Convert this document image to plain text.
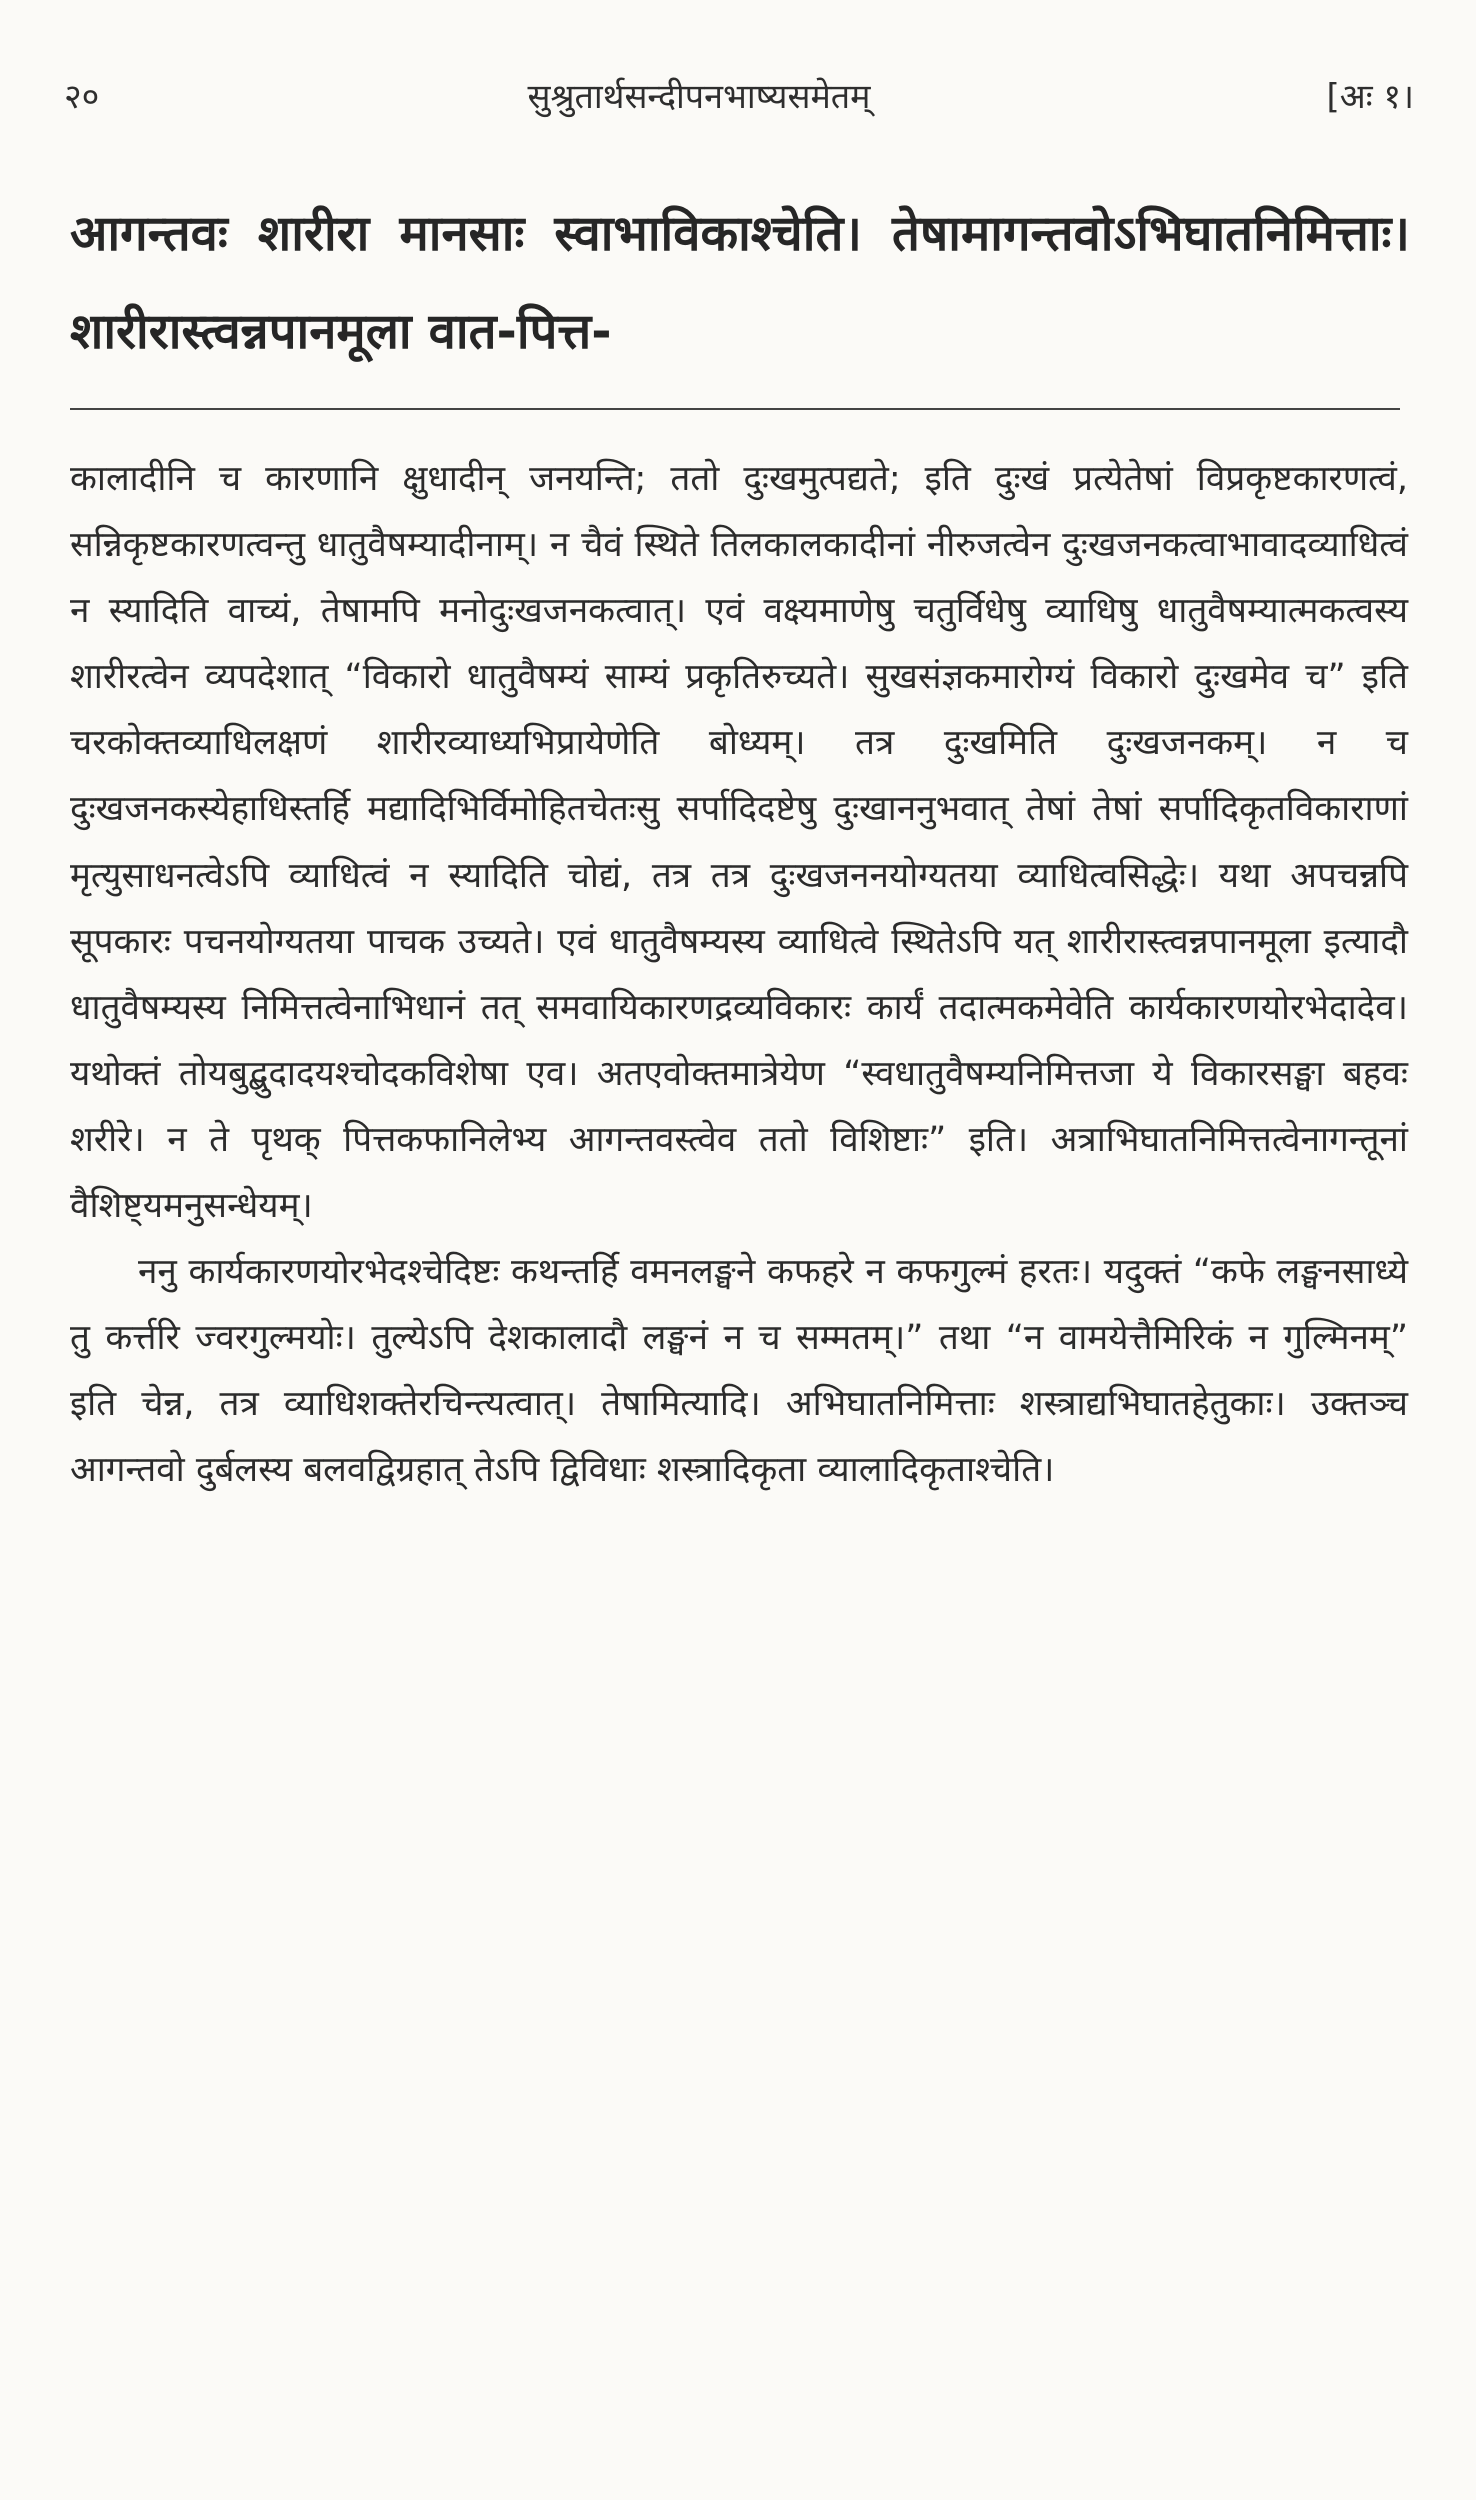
२०	सुश्रुतार्थसन्दीपनभाष्यसमेतम्	[अः १।
आगन्तवः शारीरा मानसाः स्वाभाविकाश्चेति। तेषामागन्तवोऽभिघातनिमित्ताः। शारीरास्त्वन्नपानमूला वात-पित्त-

कालादीनि च कारणानि क्षुधादीन् जनयन्ति; ततो दुःखमुत्पद्यते; इति दुःखं प्रत्येतेषां विप्रकृष्टकारणत्वं, सन्निकृष्टकारणत्वन्तु धातुवैषम्यादीनाम्। न चैवं स्थिते तिलकालकादीनां नीरुजत्वेन दुःखजनकत्वाभावादव्याधित्वं न स्यादिति वाच्यं, तेषामपि मनोदुःखजनकत्वात्। एवं वक्ष्यमाणेषु चतुर्विधेषु व्याधिषु धातुवैषम्यात्मकत्वस्य शारीरत्वेन व्यपदेशात् “विकारो धातुवैषम्यं साम्यं प्रकृतिरुच्यते। सुखसंज्ञकमारोग्यं विकारो दुःखमेव च” इति चरकोक्तव्याधिलक्षणं शारीरव्याध्यभिप्रायेणेति बोध्यम्। तत्र दुःखमिति दुःखजनकम्। न च दुःखजनकस्येहाधिस्तर्हि मद्यादिभिर्विमोहितचेतःसु सर्पादिदष्टेषु दुःखाननुभवात् तेषां तेषां सर्पादिकृतविकाराणां मृत्युसाधनत्वेऽपि व्याधित्वं न स्यादिति चोद्यं, तत्र तत्र दुःखजननयोग्यतया व्याधित्वसिद्धेः। यथा अपचन्नपि सूपकारः पचनयोग्यतया पाचक उच्यते। एवं धातुवैषम्यस्य व्याधित्वे स्थितेऽपि यत् शारीरास्त्वन्नपानमूला इत्यादौ धातुवैषम्यस्य निमित्तत्वेनाभिधानं तत् समवायिकारणद्रव्यविकारः कार्यं तदात्मकमेवेति कार्यकारणयोरभेदादेव। यथोक्तं तोयबुद्बुदादयश्चोदकविशेषा एव। अतएवोक्तमात्रेयेण “स्वधातुवैषम्यनिमित्तजा ये विकारसङ्घा बहवः शरीरे। न ते पृथक् पित्तकफानिलेभ्य आगन्तवस्त्वेव ततो विशिष्टाः” इति। अत्राभिघातनिमित्तत्वेनागन्तूनां वैशिष्ट्यमनुसन्धेयम्।

ननु कार्यकारणयोरभेदश्चेदिष्टः कथन्तर्हि वमनलङ्घने कफहरे न कफगुल्मं हरतः। यदुक्तं “कफे लङ्घनसाध्ये तु कर्त्तरि ज्वरगुल्मयोः। तुल्येऽपि देशकालादौ लङ्घनं न च सम्मतम्।” तथा “न वामयेत्तैमिरिकं न गुल्मिनम्” इति चेन्न, तत्र व्याधिशक्तेरचिन्त्यत्वात्। तेषामित्यादि। अभिघातनिमित्ताः शस्त्राद्यभिघातहेतुकाः। उक्तञ्च आगन्तवो दुर्बलस्य बलवद्विग्रहात् तेऽपि द्विविधाः शस्त्रादिकृता व्यालादिकृताश्चेति।
